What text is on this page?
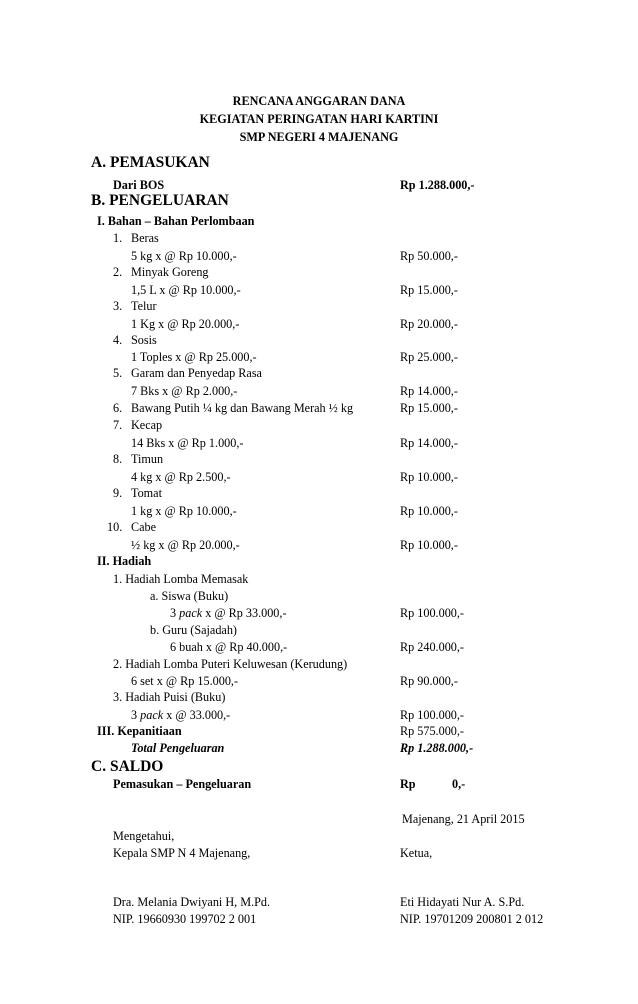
RENCANA ANGGARAN DANA
KEGIATAN PERINGATAN HARI KARTINI
SMP NEGERI 4 MAJENANG
A. PEMASUKAN
Dari BOS	Rp 1.288.000,-
B. PENGELUARAN
I. Bahan – Bahan Perlombaan
1. Beras
5 kg x @ Rp 10.000,-	Rp 50.000,-
2. Minyak Goreng
1,5 L x @ Rp 10.000,-	Rp 15.000,-
3. Telur
1 Kg x @ Rp 20.000,-	Rp 20.000,-
4. Sosis
1 Toples x @ Rp 25.000,-	Rp 25.000,-
5. Garam dan Penyedap Rasa
7 Bks x @ Rp 2.000,-	Rp 14.000,-
6. Bawang Putih ¼ kg dan Bawang Merah ½ kg	Rp 15.000,-
7. Kecap
14 Bks x @ Rp 1.000,-	Rp 14.000,-
8. Timun
4 kg x @ Rp 2.500,-	Rp 10.000,-
9. Tomat
1 kg x @ Rp 10.000,-	Rp 10.000,-
10. Cabe
½ kg x @ Rp 20.000,-	Rp 10.000,-
II. Hadiah
1. Hadiah Lomba Memasak
a. Siswa (Buku)
3 pack x @ Rp 33.000,-	Rp 100.000,-
b. Guru (Sajadah)
6 buah x @ Rp 40.000,-	Rp 240.000,-
2. Hadiah Lomba Puteri Keluwesan (Kerudung)
6 set x @ Rp 15.000,-	Rp 90.000,-
3. Hadiah Puisi (Buku)
3 pack x @ 33.000,-	Rp 100.000,-
III. Kepanitiaan	Rp 575.000,-
Total Pengeluaran	Rp 1.288.000,-
C. SALDO
Pemasukan – Pengeluaran	Rp	0,-
Majenang, 21 April 2015
Mengetahui,
Kepala SMP N 4 Majenang,	Ketua,
Dra. Melania Dwiyani H, M.Pd.	Eti Hidayati Nur A. S.Pd.
NIP. 19660930 199702 2 001	NIP. 19701209 200801 2 012
